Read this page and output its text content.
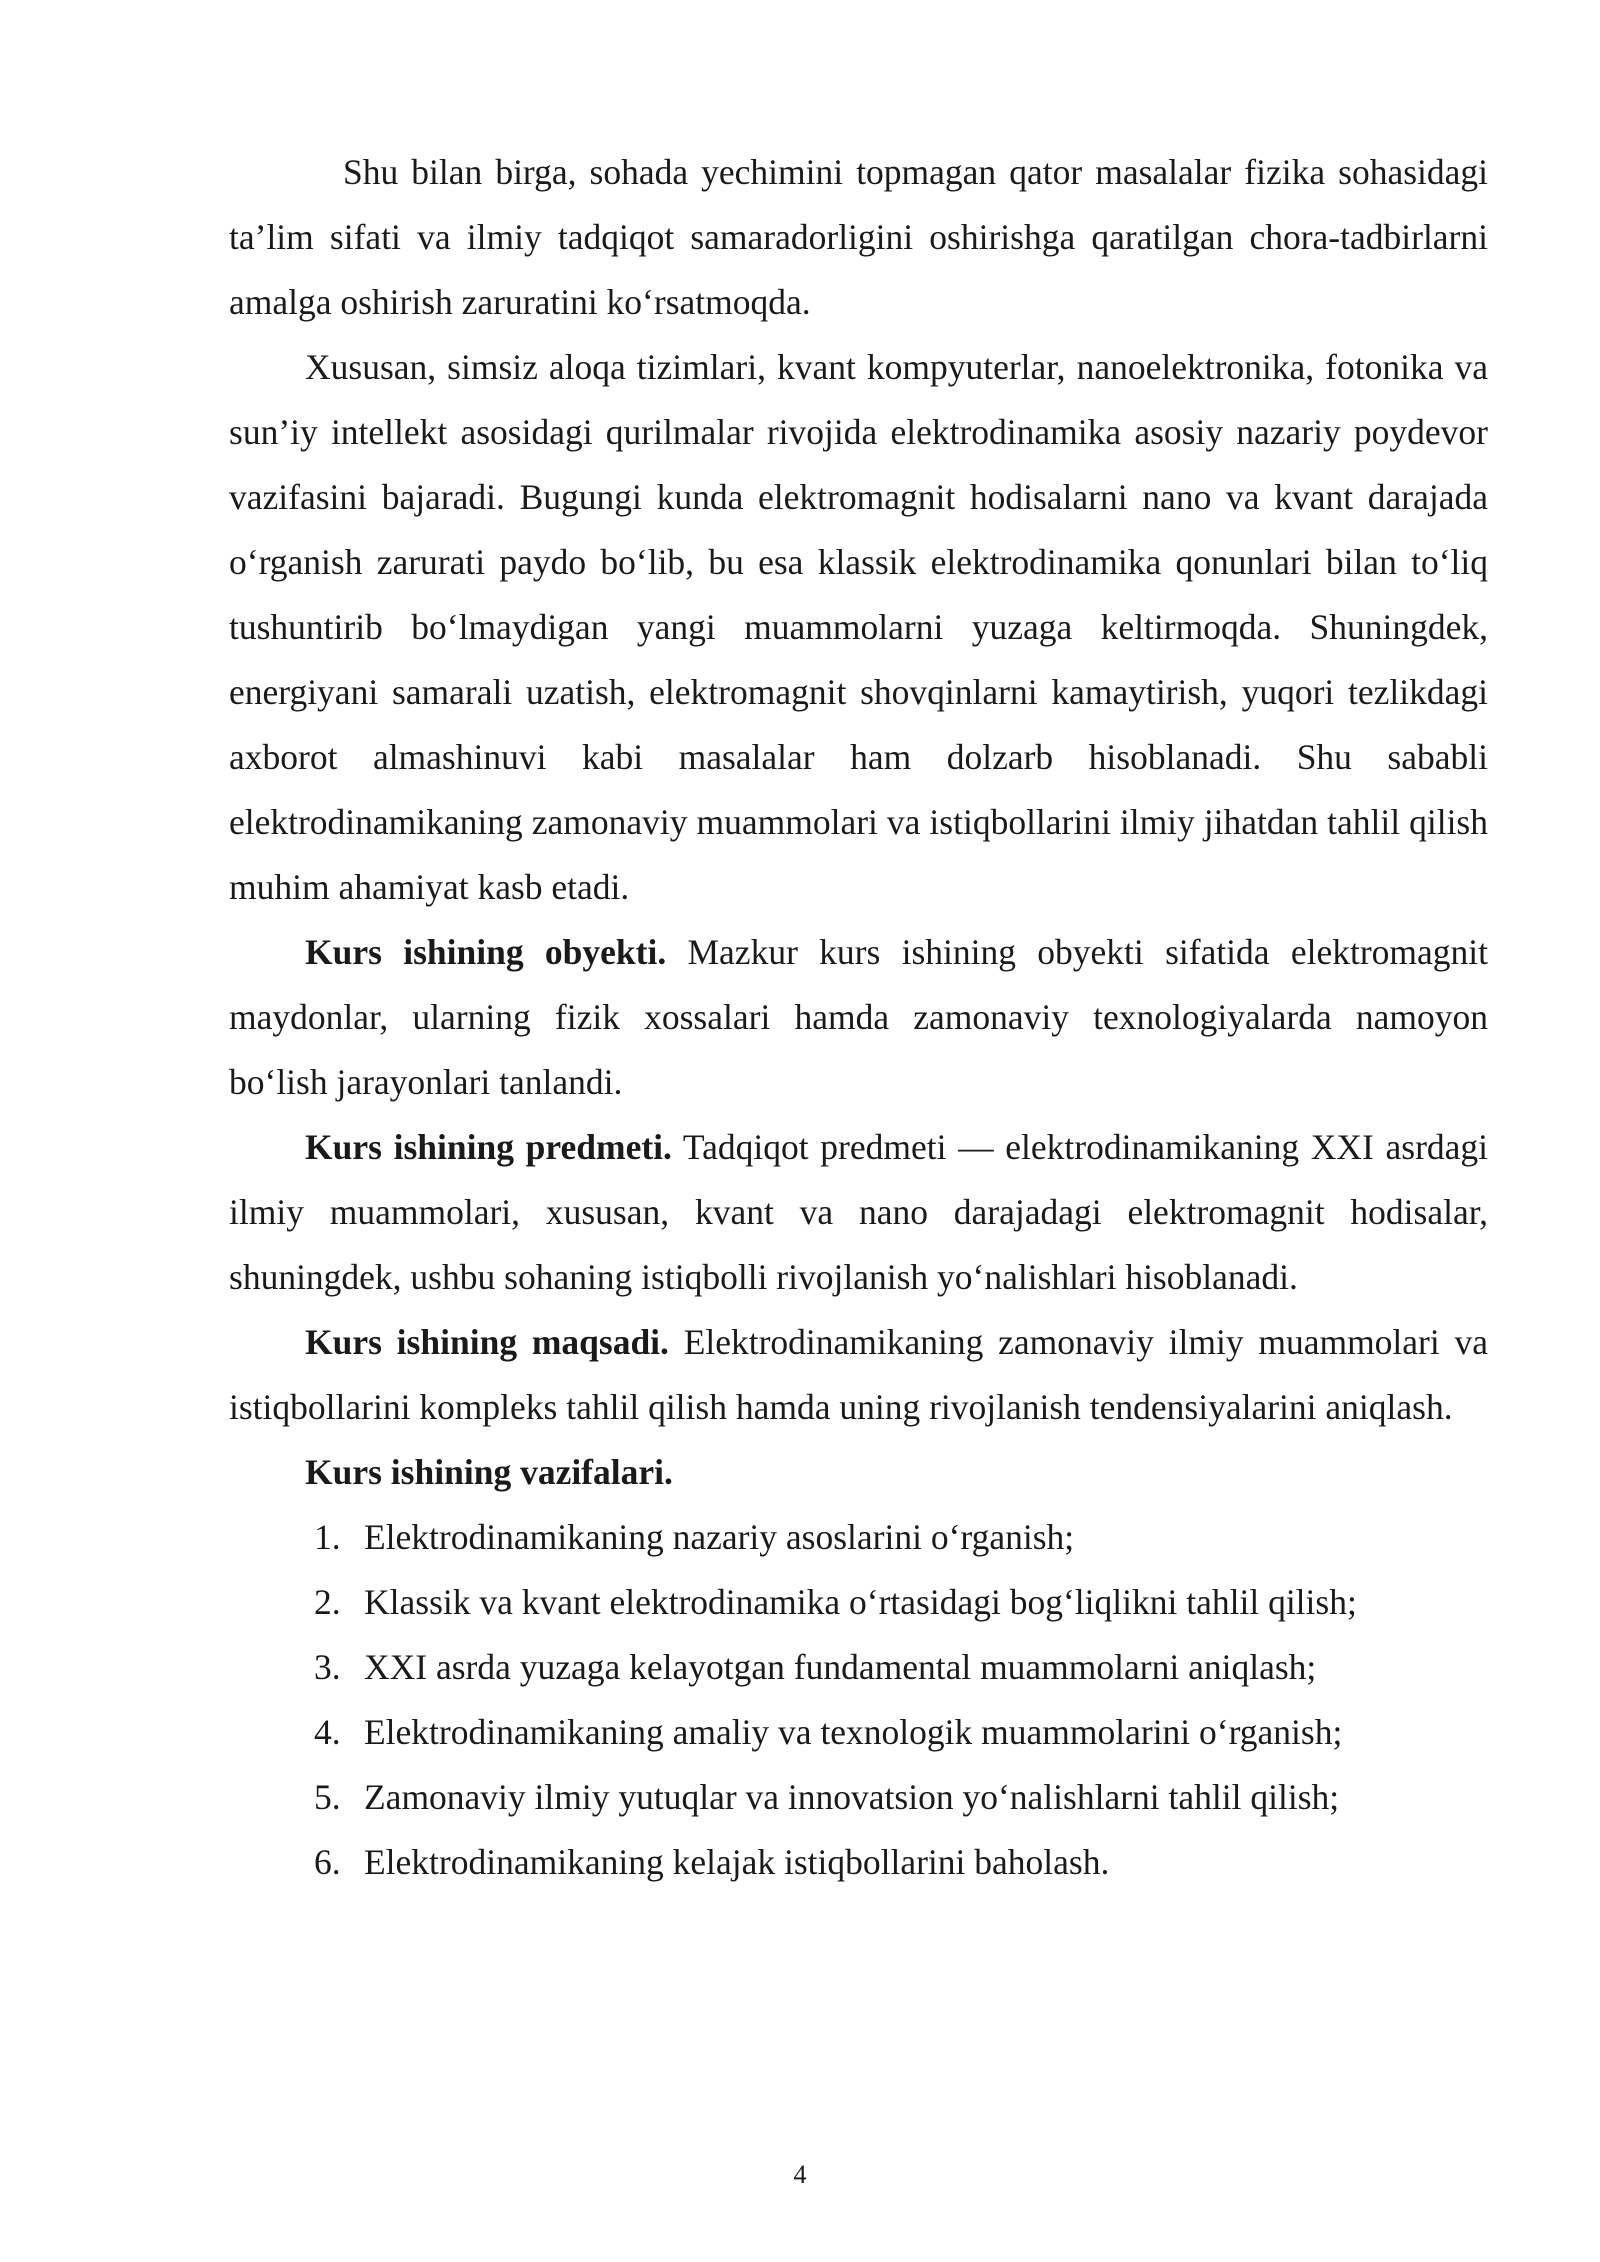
Shu bilan birga, sohada yechimini topmagan qator masalalar fizika sohasidagi ta’lim sifati va ilmiy tadqiqot samaradorligini oshirishga qaratilgan chora-tadbirlarni amalga oshirish zaruratini ko‘rsatmoqda.

Xususan, simsiz aloqa tizimlari, kvant kompyuterlar, nanoelektronika, fotonika va sun’iy intellekt asosidagi qurilmalar rivojida elektrodinamika asosiy nazariy poydevor vazifasini bajaradi. Bugungi kunda elektromagnit hodisalarni nano va kvant darajada o‘rganish zarurati paydo bo‘lib, bu esa klassik elektrodinamika qonunlari bilan to‘liq tushuntirib bo‘lmaydigan yangi muammolarni yuzaga keltirmoqda. Shuningdek, energiyani samarali uzatish, elektromagnit shovqinlarni kamaytirish, yuqori tezlikdagi axborot almashinuvi kabi masalalar ham dolzarb hisoblanadi. Shu sababli elektrodinamikaning zamonaviy muammolari va istiqbollarini ilmiy jihatdan tahlil qilish muhim ahamiyat kasb etadi.

Kurs ishining obyekti. Mazkur kurs ishining obyekti sifatida elektromagnit maydonlar, ularning fizik xossalari hamda zamonaviy texnologiyalarda namoyon bo‘lish jarayonlari tanlandi.

Kurs ishining predmeti. Tadqiqot predmeti — elektrodinamikaning XXI asrdagi ilmiy muammolari, xususan, kvant va nano darajadagi elektromagnit hodisalar, shuningdek, ushbu sohaning istiqbolli rivojlanish yo‘nalishlari hisoblanadi.

Kurs ishining maqsadi. Elektrodinamikaning zamonaviy ilmiy muammolari va istiqbollarini kompleks tahlil qilish hamda uning rivojlanish tendensiyalarini aniqlash.

Kurs ishining vazifalari.

1. Elektrodinamikaning nazariy asoslarini o‘rganish;
2. Klassik va kvant elektrodinamika o‘rtasidagi bog‘liqlikni tahlil qilish;
3. XXI asrda yuzaga kelayotgan fundamental muammolarni aniqlash;
4. Elektrodinamikaning amaliy va texnologik muammolarini o‘rganish;
5. Zamonaviy ilmiy yutuqlar va innovatsion yo‘nalishlarni tahlil qilish;
6. Elektrodinamikaning kelajak istiqbollarini baholash.
4
